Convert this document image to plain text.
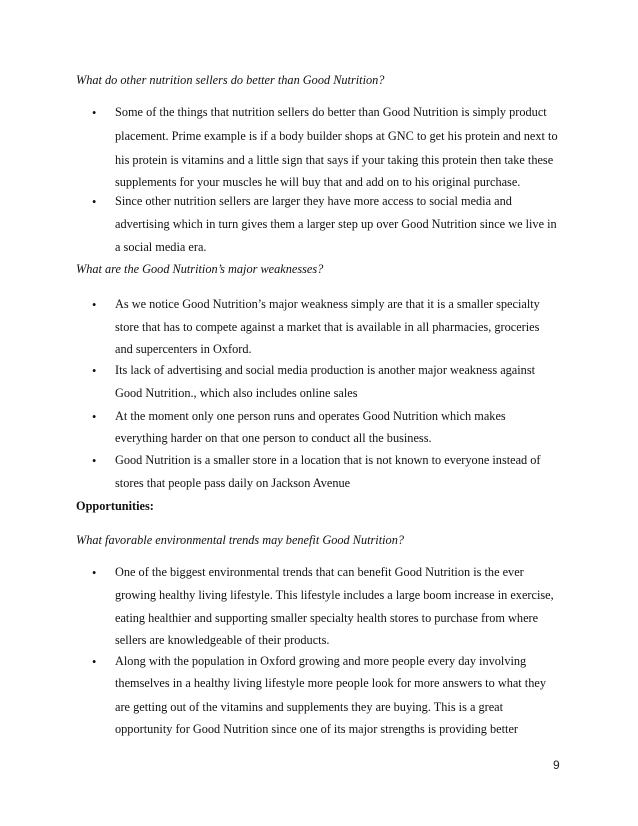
What do other nutrition sellers do better than Good Nutrition?
• Some of the things that nutrition sellers do better than Good Nutrition is simply product
placement. Prime example is if a body builder shops at GNC to get his protein and next to
his protein is vitamins and a little sign that says if your taking this protein then take these
supplements for your muscles he will buy that and add on to his original purchase.
• Since other nutrition sellers are larger they have more access to social media and
advertising which in turn gives them a larger step up over Good Nutrition since we live in
a social media era.
What are the Good Nutrition’s major weaknesses?
• As we notice Good Nutrition’s major weakness simply are that it is a smaller specialty
store that has to compete against a market that is available in all pharmacies, groceries
and supercenters in Oxford.
• Its lack of advertising and social media production is another major weakness against
Good Nutrition., which also includes online sales
• At the moment only one person runs and operates Good Nutrition which makes
everything harder on that one person to conduct all the business.
• Good Nutrition is a smaller store in a location that is not known to everyone instead of
stores that people pass daily on Jackson Avenue
Opportunities:
What favorable environmental trends may benefit Good Nutrition?
• One of the biggest environmental trends that can benefit Good Nutrition is the ever
growing healthy living lifestyle. This lifestyle includes a large boom increase in exercise,
eating healthier and supporting smaller specialty health stores to purchase from where
sellers are knowledgeable of their products.
• Along with the population in Oxford growing and more people every day involving
themselves in a healthy living lifestyle more people look for more answers to what they
are getting out of the vitamins and supplements they are buying. This is a great
opportunity for Good Nutrition since one of its major strengths is providing better
9
